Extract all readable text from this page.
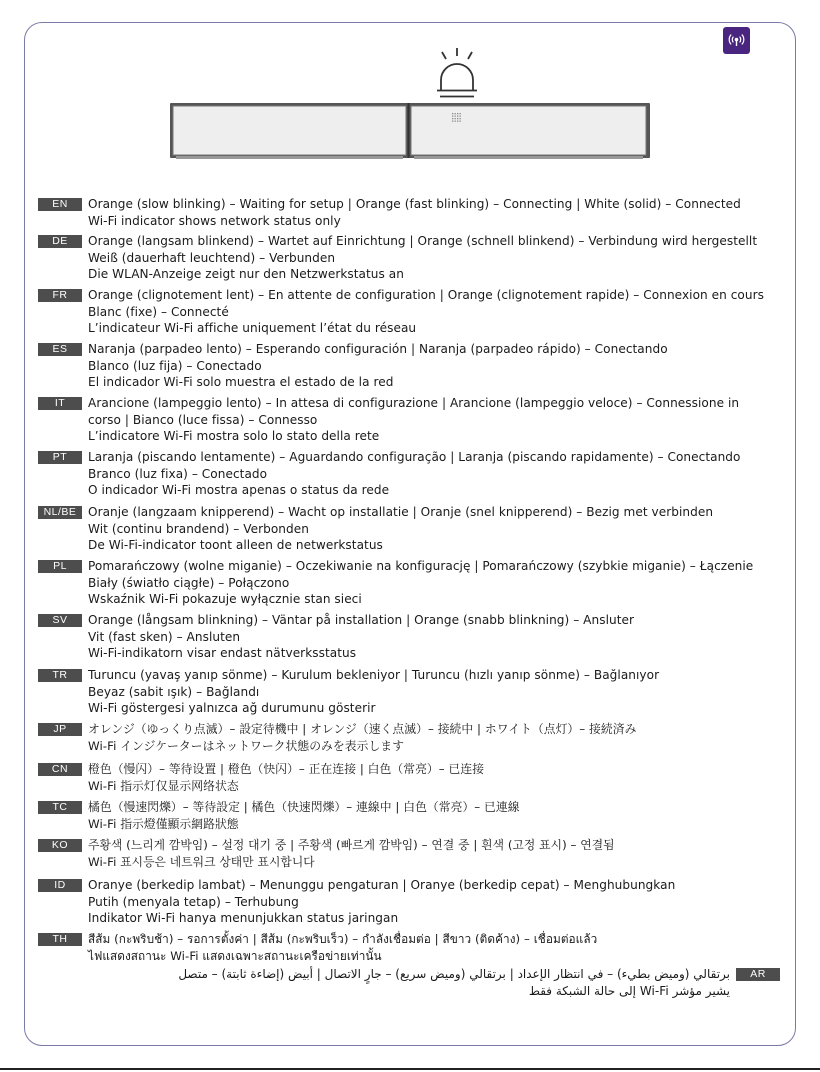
EN	Orange (slow blinking) – Waiting for setup | Orange (fast blinking) – Connecting | White (solid) – Connected
Wi-Fi indicator shows network status only
DE	Orange (langsam blinkend) – Wartet auf Einrichtung | Orange (schnell blinkend) – Verbindung wird hergestellt
Weiß (dauerhaft leuchtend) – Verbunden
Die WLAN-Anzeige zeigt nur den Netzwerkstatus an
FR	Orange (clignotement lent) – En attente de configuration | Orange (clignotement rapide) – Connexion en cours
Blanc (fixe) – Connecté
L’indicateur Wi-Fi affiche uniquement l’état du réseau
ES	Naranja (parpadeo lento) – Esperando configuración | Naranja (parpadeo rápido) – Conectando
Blanco (luz fija) – Conectado
El indicador Wi-Fi solo muestra el estado de la red
IT	Arancione (lampeggio lento) – In attesa di configurazione | Arancione (lampeggio veloce) – Connessione in
corso | Bianco (luce fissa) – Connesso
L’indicatore Wi-Fi mostra solo lo stato della rete
PT	Laranja (piscando lentamente) – Aguardando configuração | Laranja (piscando rapidamente) – Conectando
Branco (luz fixa) – Conectado
O indicador Wi-Fi mostra apenas o status da rede
NL/BE Oranje (langzaam knipperend) – Wacht op installatie | Oranje (snel knipperend) – Bezig met verbinden
Wit (continu brandend) – Verbonden
De Wi-Fi-indicator toont alleen de netwerkstatus
PL	Pomarańczowy (wolne miganie) – Oczekiwanie na konfigurację | Pomarańczowy (szybkie miganie) – Łączenie
Biały (światło ciągłe) – Połączono
Wskaźnik Wi-Fi pokazuje wyłącznie stan sieci
SV	Orange (långsam blinkning) – Väntar på installation | Orange (snabb blinkning) – Ansluter
Vit (fast sken) – Ansluten
Wi-Fi-indikatorn visar endast nätverksstatus
TR	Turuncu (yavaş yanıp sönme) – Kurulum bekleniyor | Turuncu (hızlı yanıp sönme) – Bağlanıyor
Beyaz (sabit ışık) – Bağlandı
Wi-Fi göstergesi yalnızca ağ durumunu gösterir
JP	オレンジ（ゆっくり点滅）– 設定待機中 | オレンジ（速く点滅）– 接続中 | ホワイト（点灯）– 接続済み
Wi-Fi インジケーターはネットワーク状態のみを表示します
CN	橙色（慢闪）– 等待设置 | 橙色（快闪）– 正在连接 | 白色（常亮）– 已连接
Wi-Fi 指示灯仅显示网络状态
TC	橘色（慢速閃爍）– 等待設定 | 橘色（快速閃爍）– 連線中 | 白色（常亮）– 已連線
Wi-Fi 指示燈僅顯示網路狀態
KO	주황색 (느리게 깜박임) – 설정 대기 중 | 주황색 (빠르게 깜박임) – 연결 중 | 흰색 (고정 표시) – 연결됨
Wi-Fi 표시등은 네트워크 상태만 표시합니다
ID	Oranye (berkedip lambat) – Menunggu pengaturan | Oranye (berkedip cepat) – Menghubungkan
Putih (menyala tetap) – Terhubung
Indikator Wi-Fi hanya menunjukkan status jaringan
TH	สีส้ม (กะพริบช้า) – รอการตั้งค่า | สีส้ม (กะพริบเร็ว) – กำลังเชื่อมต่อ | สีขาว (ติดค้าง) – เชื่อมต่อแล้ว
ไฟแสดงสถานะ Wi-Fi แสดงเฉพาะสถานะเครือข่ายเท่านั้น
AR
برتقالي (وميض بطيء) – في انتظار الإعداد | برتقالي (وميض سريع) – جارٍ الاتصال | أبيض (إضاءة ثابتة) – متصل
يشير مؤشر Wi-Fi إلى حالة الشبكة فقط
